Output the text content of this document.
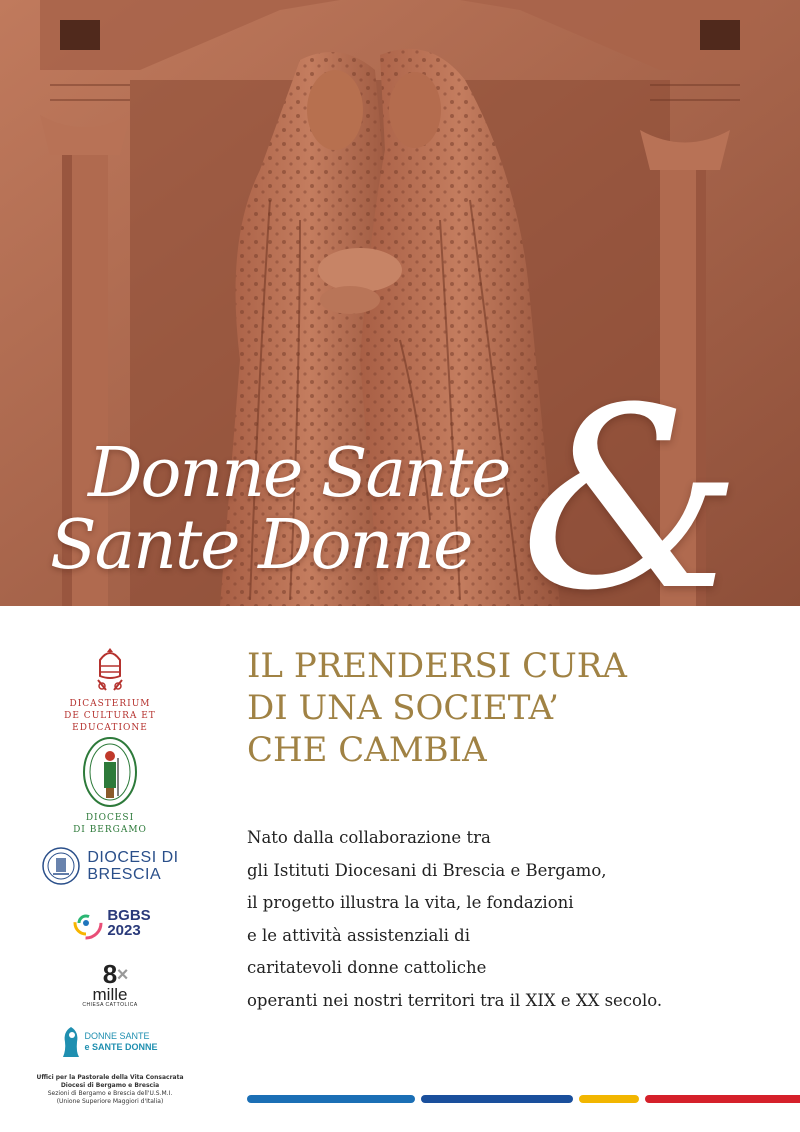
Donne Sante
Sante Donne &
DICASTERIUM
DE CULTURA ET EDUCATIONE
DIOCESI
DI BERGAMO
DIOCESI DI
BRESCIA
BGBS
2023
8 ×
mille
CHIESA CATTOLICA
DONNE SANTE
e SANTE DONNE
Uffici per la Pastorale della Vita Consacrata
Diocesi di Bergamo e Brescia
Sezioni di Bergamo e Brescia dell'U.S.M.I.
(Unione Superiore Maggiori d'Italia)
IL PRENDERSI CURA
DI UNA SOCIETA’
CHE CAMBIA
Nato dalla collaborazione tra
gli Istituti Diocesani di Brescia e Bergamo,
il progetto illustra la vita, le fondazioni
e le attività assistenziali di
caritatevoli donne cattoliche
operanti nei nostri territori tra il XIX e XX secolo.
